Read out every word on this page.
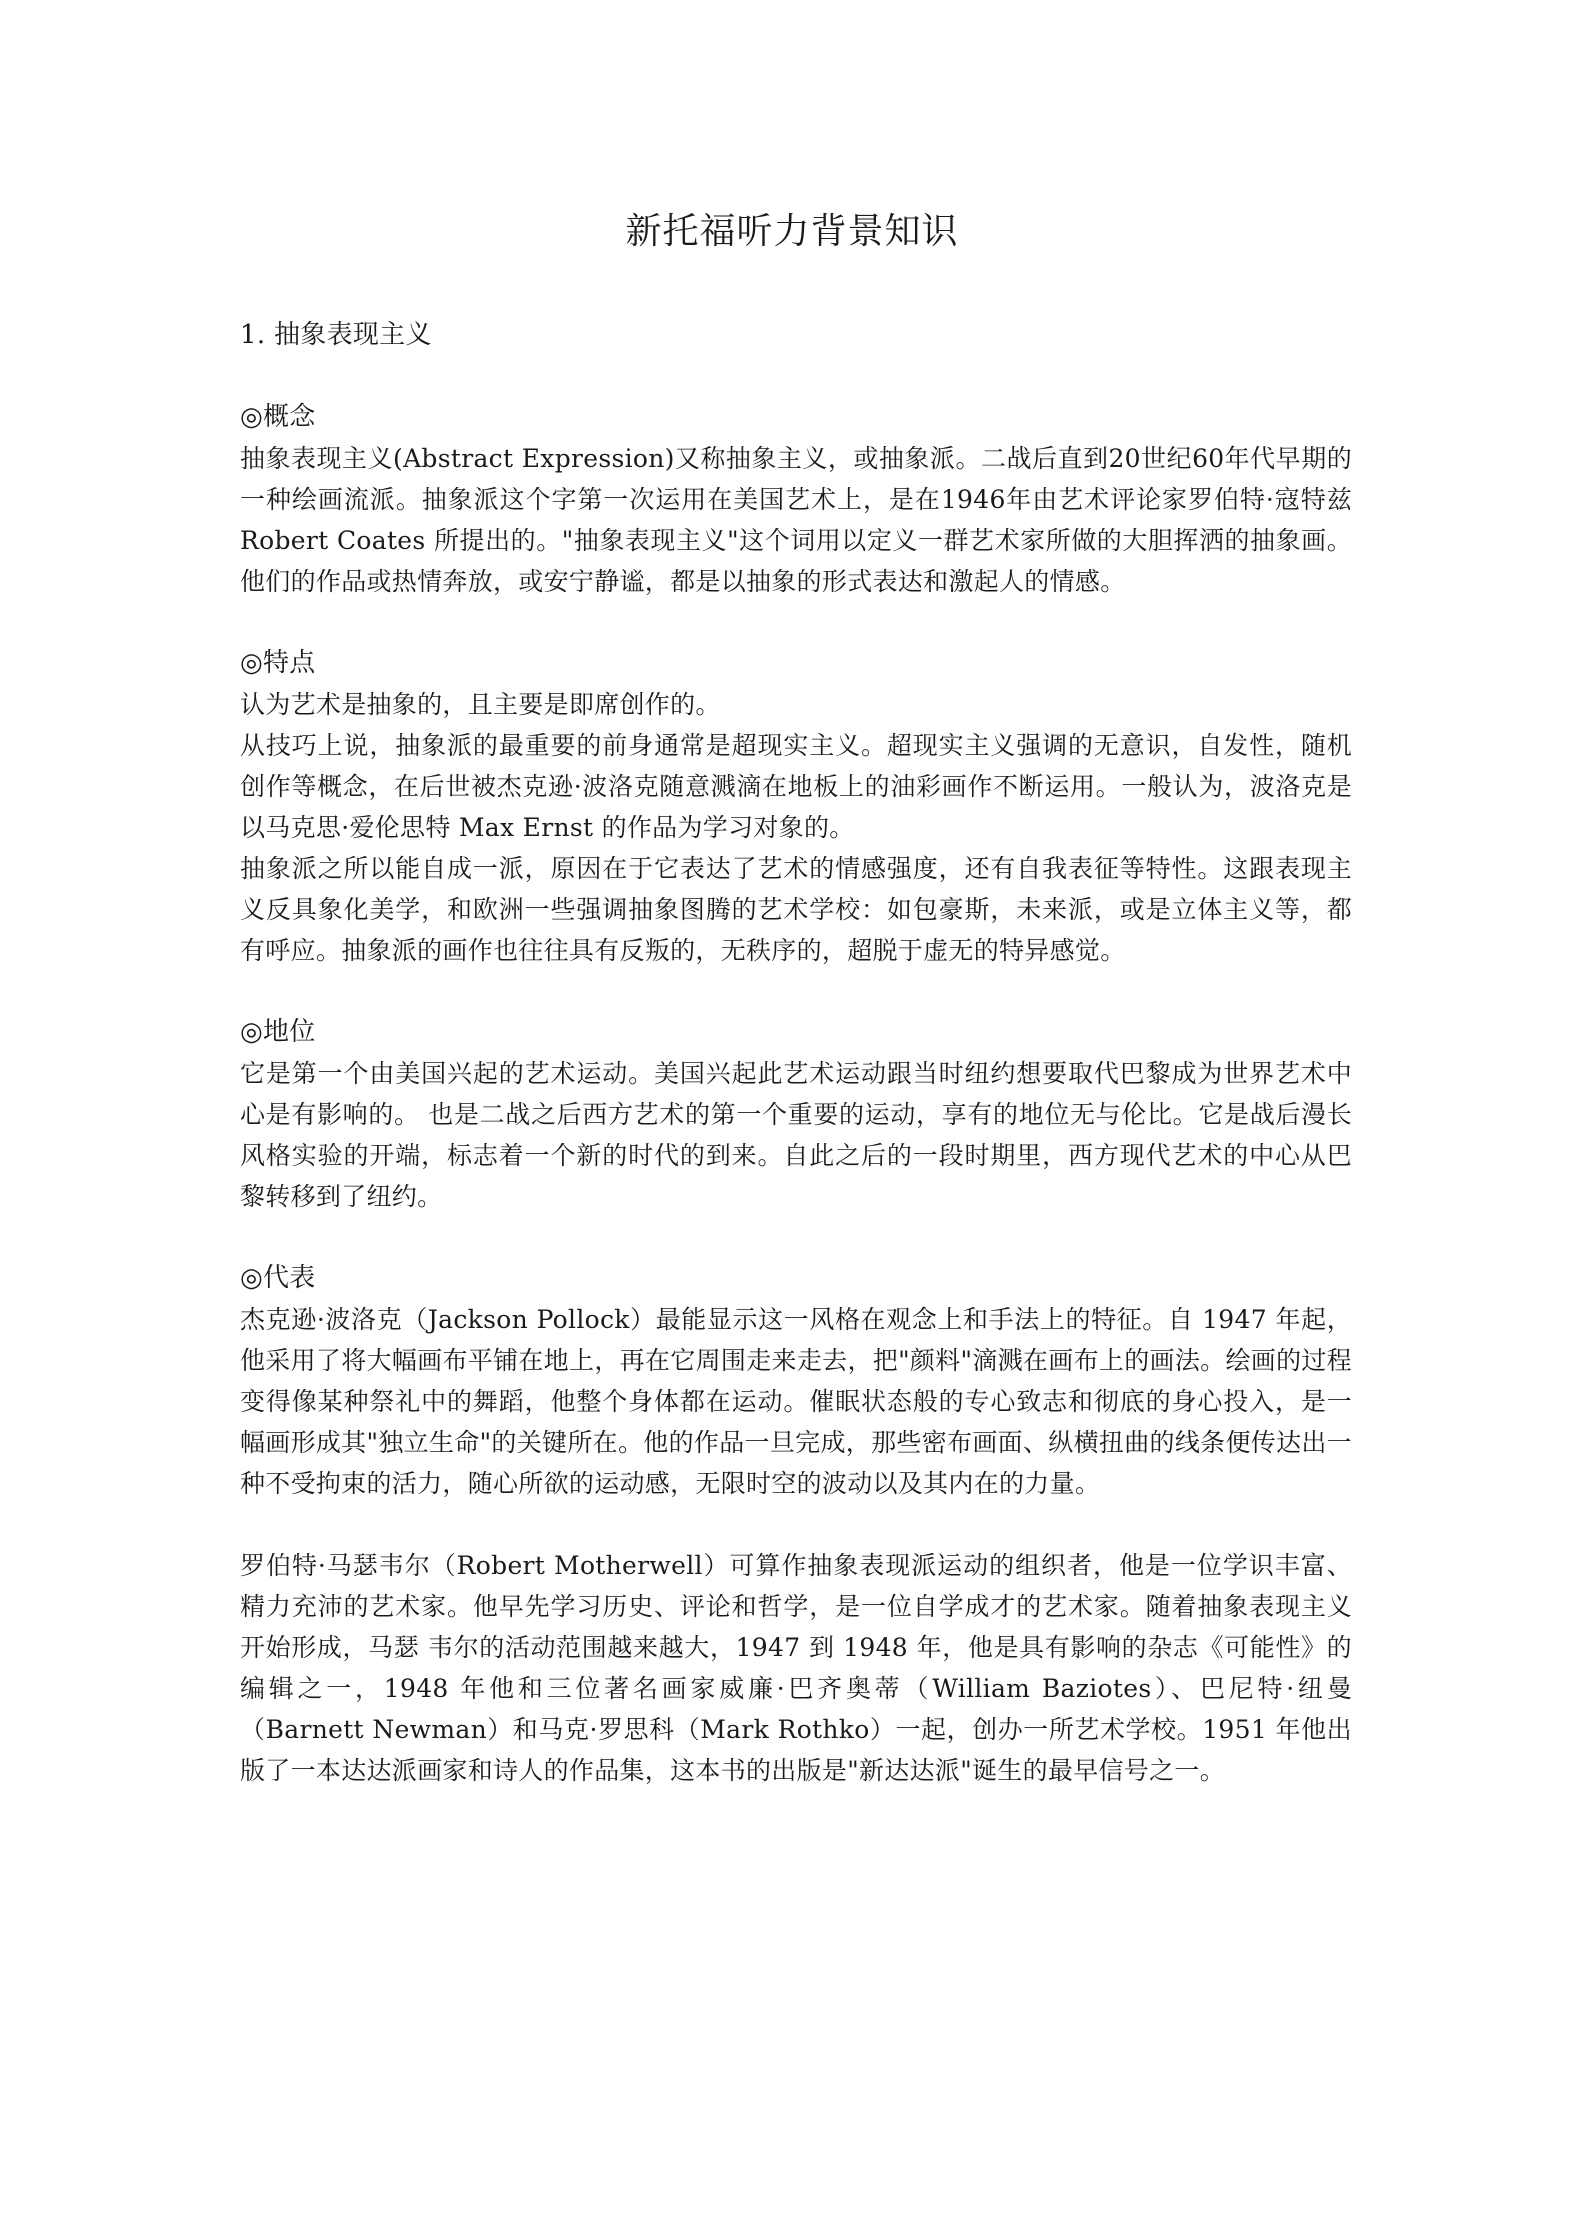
新托福听力背景知识
1. 抽象表现主义
◎概念

抽象表现主义(Abstract Expression)又称抽象主义，或抽象派。二战后直到20世纪60年代早期的一种绘画流派。抽象派这个字第一次运用在美国艺术上，是在1946年由艺术评论家罗伯特·寇特兹 Robert Coates 所提出的。"抽象表现主义"这个词用以定义一群艺术家所做的大胆挥洒的抽象画。他们的作品或热情奔放，或安宁静谧，都是以抽象的形式表达和激起人的情感。

◎特点

认为艺术是抽象的，且主要是即席创作的。

从技巧上说，抽象派的最重要的前身通常是超现实主义。超现实主义强调的无意识，自发性，随机创作等概念，在后世被杰克逊·波洛克随意溅滴在地板上的油彩画作不断运用。一般认为，波洛克是以马克思·爱伦思特 Max Ernst 的作品为学习对象的。

抽象派之所以能自成一派，原因在于它表达了艺术的情感强度，还有自我表征等特性。这跟表现主义反具象化美学，和欧洲一些强调抽象图腾的艺术学校：如包豪斯，未来派，或是立体主义等，都有呼应。抽象派的画作也往往具有反叛的，无秩序的，超脱于虚无的特异感觉。

◎地位

它是第一个由美国兴起的艺术运动。美国兴起此艺术运动跟当时纽约想要取代巴黎成为世界艺术中心是有影响的。 也是二战之后西方艺术的第一个重要的运动，享有的地位无与伦比。它是战后漫长风格实验的开端，标志着一个新的时代的到来。自此之后的一段时期里，西方现代艺术的中心从巴黎转移到了纽约。

◎代表

杰克逊·波洛克（Jackson Pollock）最能显示这一风格在观念上和手法上的特征。自 1947 年起，他采用了将大幅画布平铺在地上，再在它周围走来走去，把"颜料"滴溅在画布上的画法。绘画的过程变得像某种祭礼中的舞蹈，他整个身体都在运动。催眠状态般的专心致志和彻底的身心投入，是一幅画形成其"独立生命"的关键所在。他的作品一旦完成，那些密布画面、纵横扭曲的线条便传达出一种不受拘束的活力，随心所欲的运动感，无限时空的波动以及其内在的力量。

罗伯特·马瑟韦尔（Robert Motherwell）可算作抽象表现派运动的组织者，他是一位学识丰富、精力充沛的艺术家。他早先学习历史、评论和哲学，是一位自学成才的艺术家。随着抽象表现主义开始形成，马瑟 韦尔的活动范围越来越大，1947 到 1948 年，他是具有影响的杂志《可能性》的编辑之一，1948 年他和三位著名画家威廉·巴齐奥蒂（William Baziotes）、巴尼特·纽曼（Barnett Newman）和马克·罗思科（Mark Rothko）一起，创办一所艺术学校。1951 年他出版了一本达达派画家和诗人的作品集，这本书的出版是"新达达派"诞生的最早信号之一。
